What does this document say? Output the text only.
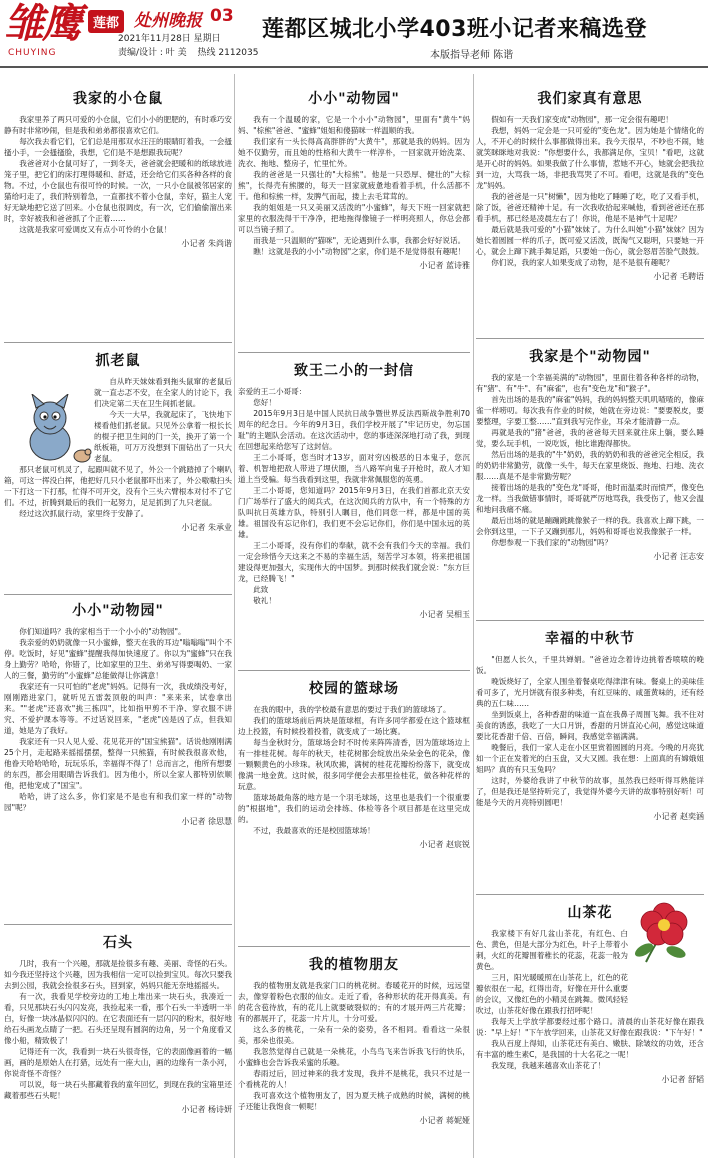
雏鹰
CHUYING
莲都 处州晚报 03
2021年11月28日 星期日
责编/设计 : 叶 美 热线 2112035
莲都区城北小学403班小记者来稿选登
本版指导老师 陈谐
我家的小仓鼠

我家里养了两只可爱的小仓鼠，它们小小的肥肥的，有时乖巧安静有时非常吵闹，但是我和弟弟都很喜欢它们。

每次我去看它们，它们总是用那双水汪汪的眼睛盯着我，一会搔搔小手，一会搔搔脸，我想，它们是不是想跟我玩呢？

我爸爸对小仓鼠可好了，一到冬天，爸爸就会把暖和的纸球放进笼子里，把它们的床打理得暖和、舒适，还会给它们买各种各样的食物。不过，小仓鼠也有很可怜的时候。一次，一只小仓鼠被邻居家的猫给叼走了，我们特别着急，一直都找不着小仓鼠，幸好，猫主人宠好无缺地把它送了回来。小仓鼠也很调皮，有一次，它们偷偷溜出来时，幸好被我和爸爸抓了个正着……

这就是我家可爱调皮又有点小可怜的小仓鼠！

小记者 朱尚谐
抓老鼠

自从昨天妹妹看到拖头鼠窜的老鼠后就一直忐忑不安，在全家人的讨论下，我们决定第二天在卫生间抓老鼠。

今天一大早，我就起床了，飞快地下楼看他们抓老鼠。只见外公拿着一根长长的棍子把卫生间的门一关，换开了第一个纸板箱，可万万没想到下面钻出了一只大老鼠。

那只老鼠可机灵了，起跟叫就不见了，外公一个跳踏掉了个喇叭箱，可这一挥没白挥，他把好几只小老鼠都吓出来了，外公嗷嗷扫头一下打这一下打那，忙得不可开交，没有个三头六臂根本对付不了它们。不过，折腾到最后的我们一起努力，足足抓到了九只老鼠。

经过这次抓鼠行动，家里终于安静了。

小记者 朱承业
小小"动物园"

你们知道吗？我的家相当于一个小小的"动物园"。

我亲爱的奶奶就像一只小蜜蜂，整天在我的耳边"嗡嗡嗡"叫个不停。吃饭时，好见"蜜蜂"提醒我得加快速度了。你以为"蜜蜂"只在我身上勤劳？哈哈，你错了，比如家里的卫生、弟弟写得要喝奶、一家人的三餐，勤劳的"小蜜蜂"总能做得让你满意！

我家还有一只可怕的"老虎"妈妈。记得有一次，我成绩没考好，刚刚踏进家门，就听见五雷轰顶般的叫声："来来来，试卷拿出来。""老虎"还喜欢"挑三拣四"，比如指甲剪不干净、穿衣服不讲究、不爱护课本等等。不过话说回来，"老虎"凶是凶了点，但我知道，她是为了我好。

我家还有一只人见人爱、花见花开的"国宝熊猫"。话说他刚刚满25个月，走起路来摇摇摆摆，整得一只熊猫，有时候我很喜欢他，他眷天哈哈哈哈，玩玩乐乐，幸福得不得了！总而言之，他所有想要的东西，都会用眼睛告诉我们。因为他小，所以全家人都特别依顺他，把他宠成了"国宝"。

哈哈，讲了这么多，你们家是不是也有和我们家一样的"动物园"呢？

小记者 徐思慧
石头

几时，我有一个兴趣，那就是捡很多有趣、美丽、奇怪的石头。如今我还坚持这个兴趣，因为我相信一定可以捡到宝贝。每次只要我去到公园，我就会捡很多石头，回到家，妈妈只能无奈地摇摇头。

有一次，我看见学校旁边的工地上堆出来一块石头，我凑近一看，只见那块石头闪闪发亮，我捡起来一看，那个石头一半透明一半白，好像一块冰晶似闪闪的。在它表面还有一层闪闪的粉末，很好地给石头画龙点睛了一把。石头还呈现有圆润的边角，另一个角度看又像小船，精致极了！

记得还有一次，我看到一块石头很奇怪，它的表面像画着的一幅画，画的是原始人在打猎，远处有一座大山，画的边缘有一条小河，你说奇怪不奇怪？

可以说，每一块石头都藏着我的童年回忆，到现在我的宝箱里还藏着那些石头呢！

小记者 杨诗妍
小小"动物园"

我有一个温暖的家，它是一个小小"动物园"，里面有"黄牛"妈妈、"棕熊"爸爸、"蜜蜂"姐姐和傻猫咪一样温顺的我。

我们家有一头长得高高胖胖的"大黄牛"，那就是我的妈妈。因为她不仅勤劳，而且她的性格和大黄牛一样淳朴，一回家就开始洗菜、洗衣、拖地、整房子，忙里忙外。

我的爸爸是一只强壮的"大棕熊"。他是一只恐厚、健壮的"大棕熊"，长得壳有熊腰的，每天一回家就疲惫地看着手机，什么活都不干。他和棕熊一样，发脾气而起，搂上去毛茸茸的。

我的姐姐是一只又美丽又活泼的"小蜜蜂"，每天下班一回家就把家里的衣服洗得干干净净，把地拖得像镜子一样明亮照人，你总会都可以当镜子照了。

而我是一只温顺的"猫咪"，无论遇到什么事，我都会好好说话。

瞧！这就是我的小小"动物园"之家，你们是不是觉得很有趣呢！

小记者 蓝诗雅
致王二小的一封信

亲爱的王二小哥哥：

您好！

2015年9月3日是中国人民抗日战争暨世界反法西斯战争胜利70周年的纪念日。今年的9月3日，我们学校开展了"牢记历史，勿忘国耻"的主题队会活动。在这次活动中，您的事迹深深地打动了我，到现在回想起来给您写了这封信。

王二小哥哥，您当时才13岁，面对穷凶极恶的日本鬼子，您沉着、机智地把敌人带进了埋伏圈，当八路军向鬼子开枪时，敌人才知道上当受骗。每当我看到这里，我就非常佩服您的英勇。

王二小哥哥，您知道吗？2015年9月3日，在我们首都北京天安门广场举行了盛大的阅兵式，在这次阅兵的方队中，有一个特殊的方队叫抗日英雄方队，特别引人瞩目，他们同您一样，都是中国的英雄。祖国没有忘记你们，我们更不会忘记你们，你们是中国永远的英雄。

王二小哥哥，没有你们的奉献，就不会有我们今天的幸福。我们一定会珍惜今天这来之不易的幸福生活，刻苦学习本领，将来把祖国建设得更加强大，实现伟大的中国梦。到那时候我们就会说："东方巨龙，已经腾飞！"

此致

敬礼！

小记者 吴相玉
校园的篮球场

在我的眼中，我的学校最有意思的要过于我们的篮球场了。

我们的篮球场前后两块是篮球框，有许多同学都爱在这个篮球框边上投篮，有时候投着投着，就变成了一场比赛。

每当金秋时分，篮球场会时不时传来阵阵清香，因为篮球场边上有一排桂花树。每年的秋天，桂花树都会绽放出朵朵金色的花朵，像一颗颗黄色的小珍珠。秋风吹拂，满树的桂花花瓣纷纷落下，就变成像满一地金黄。这时候，很多同学便会去那里捡桂花，做各种花样的玩意。

篮球场最角落的地方是一个羽毛球场，这里也是我们一个很重要的"根据地"，我们的运动会排练、体检等各个项目都是在这里完成的。

不过，我最喜欢的还是校园篮球场！

小记者 赵宸锐
我的植物朋友

我的植物朋友就是我家门口的桃花树。春暖花开的时候，远远望去，像穿着粉色衣服的仙女。走近了看，各种形状的花开得真美。有的花含苞待放，有的花儿上就要破裂似的；有的才展开两三片花瓣；有的都展开了，花蕊一片片儿，十分可爱。

这么多的桃花，一朵有一朵的姿势，各不相同。看看这一朵很美，那朵也很美。

我忽然觉得自己就是一朵桃花，小鸟鸟飞来告诉我飞行的快乐，小蜜蜂也会告诉我采蜜的乐趣。

春雨过后，回过神来的我才发现，我并不是桃花，我只不过是一个看桃花的人！

我可喜欢这个植物朋友了，因为夏天桃子成熟的时候，满树的桃子还能让我饱食一顿呢！

小记者 蒋妮娅
我们家真有意思

假如有一天我们家变成"动物园"，那一定会很有趣吧！

我想，妈妈一定会是一只可爱的"变色龙"。因为她是个情绪化的人，不开心的时候什么事都做得出来。我今天很早，不吵也不闹，她就笑眯眯地对我说："你想要什么，我都满足你，宝贝！"看吧，这就是开心时的妈妈。如果我做了什么事情，惹她不开心，她就会把我拉到一边，大骂我一场，非把我骂哭了不可。看吧，这就是我的"变色龙"妈妈。

我的爸爸是一只"树懒"，因为他吃了睡睡了吃，吃了又看手机，除了饭，爸爸还精神十足。有一次我收拾起来喊他，看到爸爸还在那看手机，那已经是凌晨左右了！你说，他是不是神气十足呢？

最后就是我可爱的"小猫"妹妹了。为什么叫她"小猫"妹妹？因为她长着圆圆一样的爪子，既可爱又活泼，既淘气又聪明，只要她一开心，就会上蹿下跳手舞足蹈，只要她一伤心，就会怒眉苦脸气鼓鼓。

你们说，我的家人如果变成了动物，是不是很有趣呢？

小记者 毛聘语
我家是个"动物园"

我的家是一个幸福美满的"动物园"，里面住着各种各样的动物，有"猪"、有"牛"、有"麻雀"，也有"变色龙"和"猴子"。

首先出场的是我的"麻雀"妈妈，我的妈妈整天叽叽喳喳的，像麻雀一样唠叨。每次我有作业的时候，她就在旁边说："要要脱皮，要要整理，字要工整……"直到我写完作业，耳朵才能清静一点。

再就是我的"猪"爸爸，我的爸爸每天回来就往床上躺，要么睡觉，要么玩手机，一说吃饭，他比谁跑得都快。

然后出场的是我的"牛"奶奶，我的奶奶和我的爸爸完全相反，我的奶奶非常勤劳，就像一头牛，每天在家里烧饭、拖地、扫地、洗衣服……真是不是非常勤劳呢？

接着出场的是我的"变色龙"哥哥，他时而温柔时而愤严，像变色龙一样。当我做错事情时，哥哥就严厉地骂我，我受伤了，他又会温和地问我痛不痛。

最后出场的就是蹦蹦跳跳像猴子一样的我。我喜欢上蹿下跳，一会你到这里，一下子又蹦到那儿，妈妈和哥哥也说我像猴子一样。

你想参观一下我们家的"动物园"吗？

小记者 汪志安
幸福的中秋节

"但愿人长久，千里共婵娟。"爸爸边念着诗边挑着香喷喷的晚饭。

晚饭烧好了，全家人围坐着餐桌吃得津津有味。餐桌上的美味佳肴可多了，光月饼就有很多种类，有红豆味的、咸蛋黄味的，还有经典的五仁味……

坐到饭桌上，各种香甜的味道一直在我鼻子周围飞舞。我不住对美食的诱惑，我吃了一大口月饼，香甜的月饼直沁心间，感觉这味道要比花香甜千倍、百倍，瞬间，我感觉幸福满满。

晚餐后，我们一家人走在小区里赏着圆圆的月亮。今晚的月亮犹如一个正在发着光的白玉盘，又大又圆。我在想：上面真的有嫦娥姐姐吗？真的有只玉兔吗？

这时，外婆给我讲了中秋节的故事，虽然我已经听得耳熟能详了，但是我还是坚持听完了，我觉得外婆今天讲的故事特别好听！可能是今天的月亮特别圆吧！

小记者 赵奕涵
山茶花

我家楼下有好几盆山茶花，有红色、白色、黄色，但是大部分为红色，叶子上带着小刺，火红的花瓣围着稚长的花蕊，花蕊一般为黄色。

三月，阳光暖暖照在山茶花上，红色的花瓣依很在一起，红得出奇，好像在开什么重要的会议，又像红色的小精灵在跳舞。微风轻轻吹过，山茶花好像在跟我打招呼呢！

我每天上学放学都要经过那个路口。清晨的山茶花好像在跟我说："早上好！"下午放学回来，山茶花又好像在跟我说："下午好！"

我从百度上得知，山茶花还有美白、嫩肤、除皱纹的功效，还含有丰富的维生素C，是我国的十大名花之一呢！

我发现，我越来越喜欢山茶花了！

小记者 舒韬
